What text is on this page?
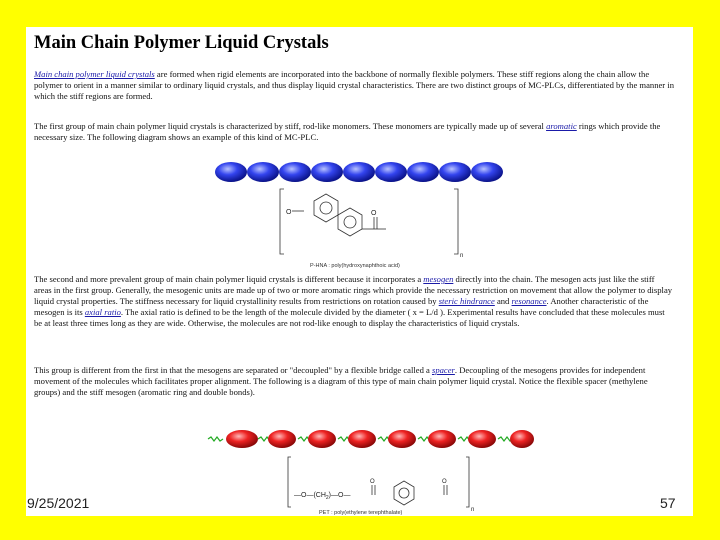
Main Chain Polymer Liquid Crystals

Main chain polymer liquid crystals are formed when rigid elements are incorporated into the backbone of normally flexible polymers. These stiff regions along the chain allow the polymer to orient in a manner similar to ordinary liquid crystals, and thus display liquid crystal characteristics. There are two distinct groups of MC-PLCs, differentiated by the manner in which the stiff regions are formed.

The first group of main chain polymer liquid crystals is characterized by stiff, rod-like monomers. These monomers are typically made up of several aromatic rings which provide the necessary size. The following diagram shows an example of this kind of MC-PLC.

O	O
n
P-HNA : poly(hydroxynaphthoic acid)

The second and more prevalent group of main chain polymer liquid crystals is different because it incorporates a mesogen directly into the chain. The mesogen acts just like the stiff areas in the first group. Generally, the mesogenic units are made up of two or more aromatic rings which provide the necessary restriction on movement that allow the polymer to display liquid crystal properties. The stiffness necessary for liquid crystallinity results from restrictions on rotation caused by steric hindrance and resonance. Another characteristic of the mesogen is its axial ratio. The axial ratio is defined to be the length of the molecule divided by the diameter ( x = L/d ). Experimental results have concluded that these molecules must be at least three times long as they are wide. Otherwise, the molecules are not rod-like enough to display the characteristics of liquid crystals.

This group is different from the first in that the mesogens are separated or "decoupled" by a flexible bridge called a spacer. Decoupling of the mesogens provides for independent movement of the molecules which facilitates proper alignment. The following is a diagram of this type of main chain polymer liquid crystal. Notice the flexible spacer (methylene groups) and the stiff mesogen (aromatic ring and double bonds).

$—O—(CH_2)—O—$
O	O
n
PET : poly(ethylene terephthalate)
9/25/2021	57
